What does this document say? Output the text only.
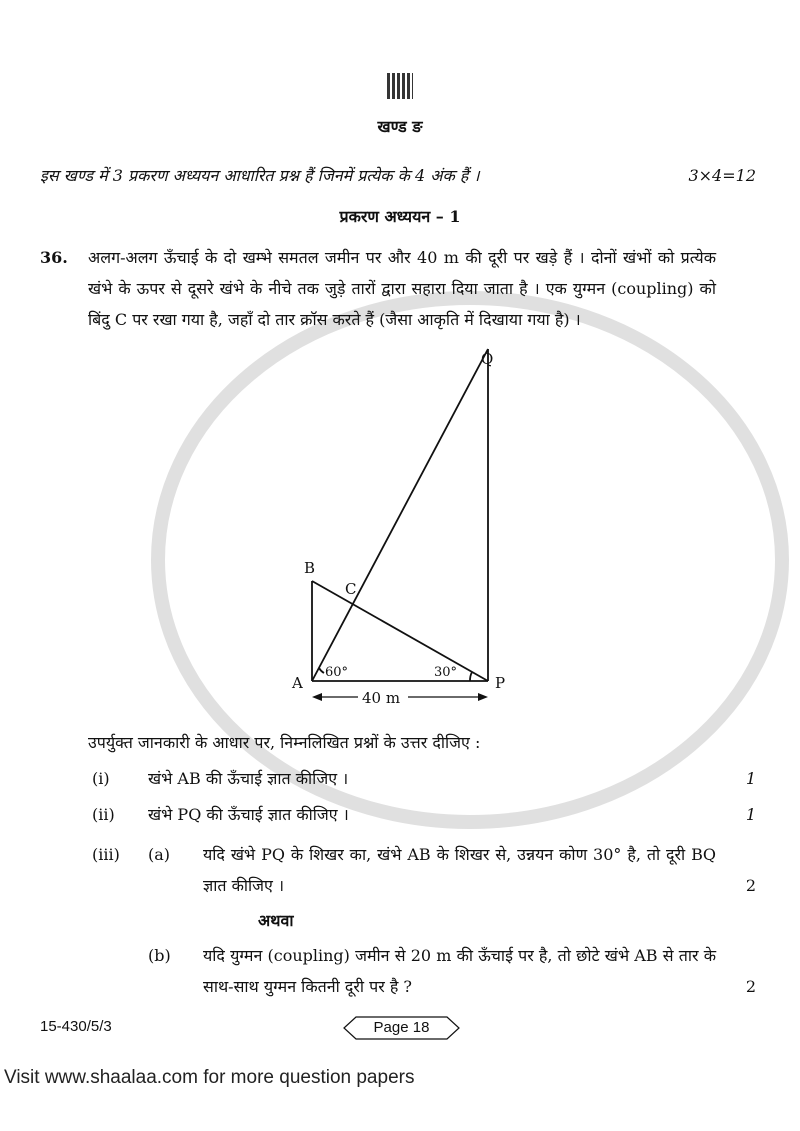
खण्ड ङ
इस खण्ड में 3 प्रकरण अध्ययन आधारित प्रश्न हैं जिनमें प्रत्येक के 4 अंक हैं ।	3×4=12
प्रकरण अध्ययन – 1
36.	अलग-अलग ऊँचाई के दो खम्भे समतल जमीन पर और 40 m की दूरी पर खड़े हैं । दोनों खंभों को प्रत्येक खंभे के ऊपर से दूसरे खंभे के नीचे तक जुड़े तारों द्वारा सहारा दिया जाता है । एक युग्मन (coupling) को बिंदु C पर रखा गया है, जहाँ दो तार क्रॉस करते हैं (जैसा आकृति में दिखाया गया है) ।
Q
B
C
A	P
60°	30°
40 m
उपर्युक्त जानकारी के आधार पर, निम्नलिखित प्रश्नों के उत्तर दीजिए :
(i)	खंभे AB की ऊँचाई ज्ञात कीजिए ।	1
(ii)	खंभे PQ की ऊँचाई ज्ञात कीजिए ।	1
(iii)	(a)	यदि खंभे PQ के शिखर का, खंभे AB के शिखर से, उन्नयन कोण 30° है, तो दूरी BQ ज्ञात कीजिए ।	2
अथवा
(b)	यदि युग्मन (coupling) जमीन से 20 m की ऊँचाई पर है, तो छोटे खंभे AB से तार के साथ-साथ युग्मन कितनी दूरी पर है ?	2
15-430/5/3	Page 18
Visit www.shaalaa.com for more question papers
